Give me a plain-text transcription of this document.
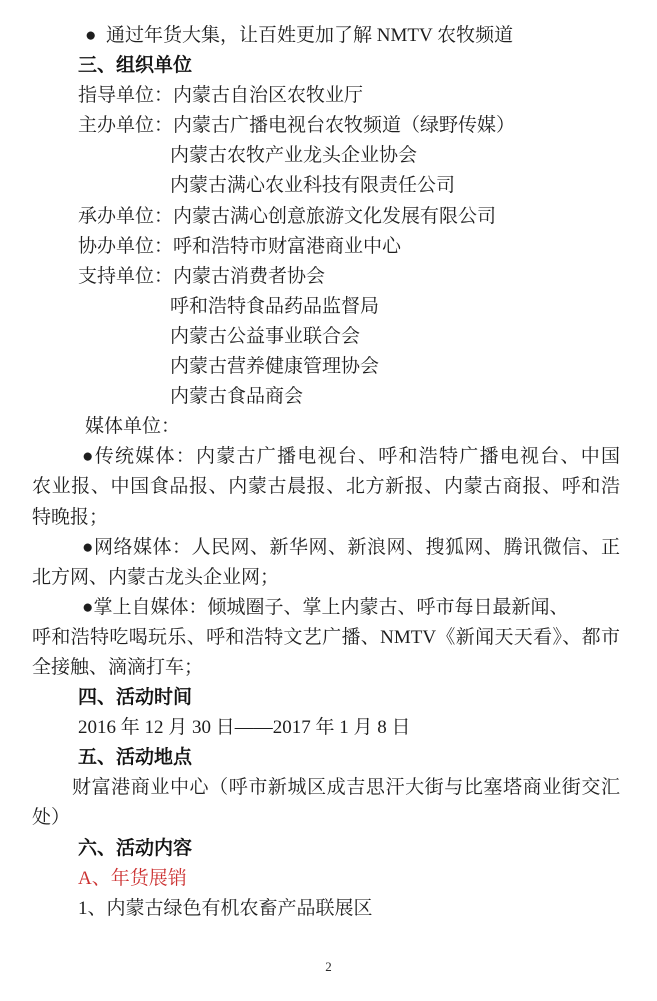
●  通过年货大集，让百姓更加了解 NMTV 农牧频道
三、组织单位
指导单位：内蒙古自治区农牧业厅
主办单位：内蒙古广播电视台农牧频道（绿野传媒）
内蒙古农牧产业龙头企业协会
内蒙古满心农业科技有限责任公司
承办单位：内蒙古满心创意旅游文化发展有限公司
协办单位：呼和浩特市财富港商业中心
支持单位：内蒙古消费者协会
呼和浩特食品药品监督局
内蒙古公益事业联合会
内蒙古营养健康管理协会
内蒙古食品商会
媒体单位：
●传统媒体：内蒙古广播电视台、呼和浩特广播电视台、中国
农业报、中国食品报、内蒙古晨报、北方新报、内蒙古商报、呼和浩
特晚报；
●网络媒体：人民网、新华网、新浪网、搜狐网、腾讯微信、正
北方网、内蒙古龙头企业网；
●掌上自媒体：倾城圈子、掌上内蒙古、呼市每日最新闻、
呼和浩特吃喝玩乐、呼和浩特文艺广播、NMTV《新闻天天看》、都市
全接触、滴滴打车；
四、活动时间
2016 年 12 月 30 日——2017 年 1 月 8 日
五、活动地点
财富港商业中心（呼市新城区成吉思汗大街与比塞塔商业街交汇
处）
六、活动内容
A、年货展销
1、内蒙古绿色有机农畜产品联展区
2
